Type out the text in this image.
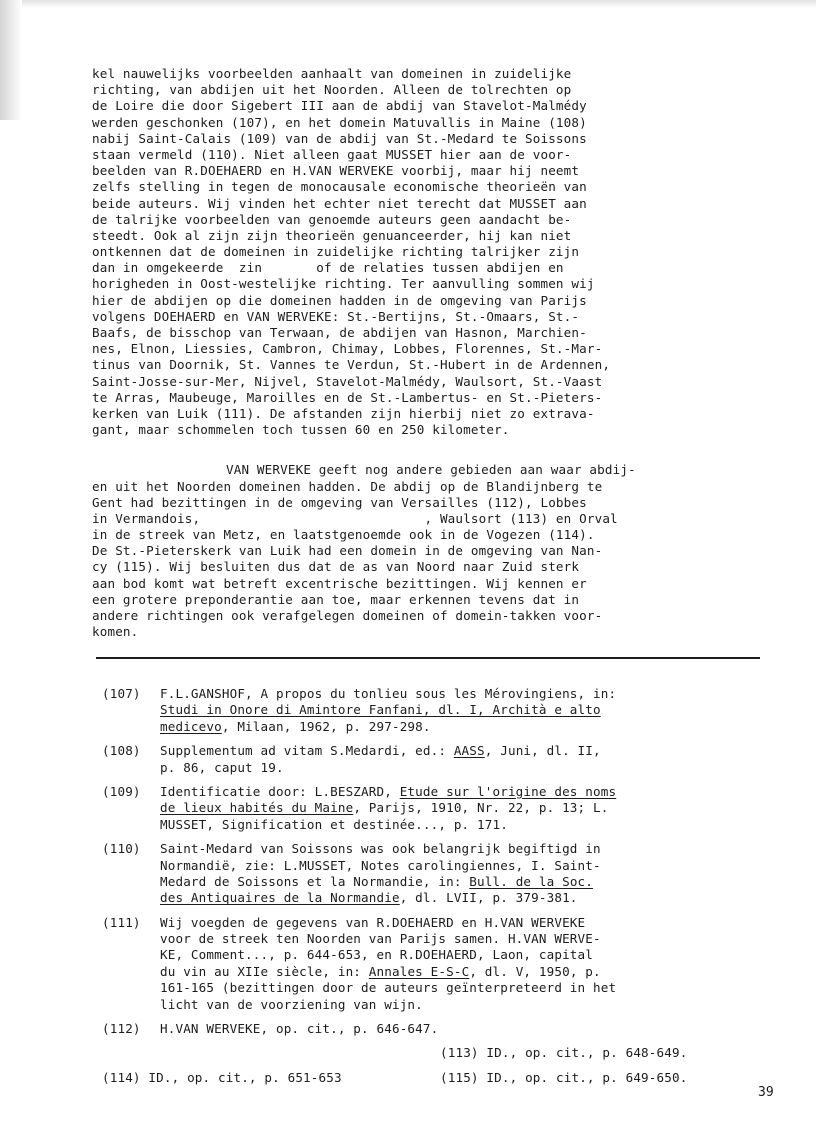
kel nauwelijks voorbeelden aanhaalt van domeinen in zuidelijke
richting, van abdijen uit het Noorden. Alleen de tolrechten op
de Loire die door Sigebert III aan de abdij van Stavelot-Malmédy
werden geschonken (107), en het domein Matuvallis in Maine (108)
nabij Saint-Calais (109) van de abdij van St.-Medard te Soissons
staan vermeld (110). Niet alleen gaat MUSSET hier aan de voor-
beelden van R.DOEHAERD en H.VAN WERVEKE voorbij, maar hij neemt
zelfs stelling in tegen de monocausale economische theorieën van
beide auteurs. Wij vinden het echter niet terecht dat MUSSET aan
de talrijke voorbeelden van genoemde auteurs geen aandacht be-
steedt. Ook al zijn zijn theorieën genuanceerder, hij kan niet
ontkennen dat de domeinen in zuidelijke richting talrijker zijn
dan in omgekeerde  zin       of de relaties tussen abdijen en
horigheden in Oost-westelijke richting. Ter aanvulling sommen wij
hier de abdijen op die domeinen hadden in de omgeving van Parijs
volgens DOEHAERD en VAN WERVEKE: St.-Bertijns, St.-Omaars, St.-
Baafs, de bisschop van Terwaan, de abdijen van Hasnon, Marchien-
nes, Elnon, Liessies, Cambron, Chimay, Lobbes, Florennes, St.-Mar-
tinus van Doornik, St. Vannes te Verdun, St.-Hubert in de Ardennen,
Saint-Josse-sur-Mer, Nijvel, Stavelot-Malmédy, Waulsort, St.-Vaast
te Arras, Maubeuge, Maroilles en de St.-Lambertus- en St.-Pieters-
kerken van Luik (111). De afstanden zijn hierbij niet zo extrava-
gant, maar schommelen toch tussen 60 en 250 kilometer.
VAN WERVEKE geeft nog andere gebieden aan waar abdij-
en uit het Noorden domeinen hadden. De abdij op de Blandijnberg te
Gent had bezittingen in de omgeving van Versailles (112), Lobbes
in Vermandois,                             , Waulsort (113) en Orval
in de streek van Metz, en laatstgenoemde ook in de Vogezen (114).
De St.-Pieterskerk van Luik had een domein in de omgeving van Nan-
cy (115). Wij besluiten dus dat de as van Noord naar Zuid sterk
aan bod komt wat betreft excentrische bezittingen. Wij kennen er
een grotere preponderantie aan toe, maar erkennen tevens dat in
andere richtingen ook verafgelegen domeinen of domein-takken voor-
komen.
(107)	F.L.GANSHOF, A propos du tonlieu sous les Mérovingiens, in:
Studi in Onore di Amintore Fanfani, dl. I, Archità e alto
medicevo, Milaan, 1962, p. 297-298.
(108)	Supplementum ad vitam S.Medardi, ed.: AASS, Juni, dl. II,
p. 86, caput 19.
(109)	Identificatie door: L.BESZARD, Etude sur l'origine des noms
de lieux habités du Maine, Parijs, 1910, Nr. 22, p. 13; L.
MUSSET, Signification et destinée..., p. 171.
(110)	Saint-Medard van Soissons was ook belangrijk begiftigd in
Normandië, zie: L.MUSSET, Notes carolingiennes, I. Saint-
Medard de Soissons et la Normandie, in: Bull. de la Soc.
des Antiquaires de la Normandie, dl. LVII, p. 379-381.
(111)	Wij voegden de gegevens van R.DOEHAERD en H.VAN WERVEKE
voor de streek ten Noorden van Parijs samen. H.VAN WERVE-
KE, Comment..., p. 644-653, en R.DOEHAERD, Laon, capital
du vin au XIIe siècle, in: Annales E-S-C, dl. V, 1950, p.
161-165 (bezittingen door de auteurs geïnterpreteerd in het
licht van de voorziening van wijn.
(112)	H.VAN WERVEKE, op. cit., p. 646-647.
(113) ID., op. cit., p. 648-649.
(114) ID., op. cit., p. 651-653	(115) ID., op. cit., p. 649-650.
39
